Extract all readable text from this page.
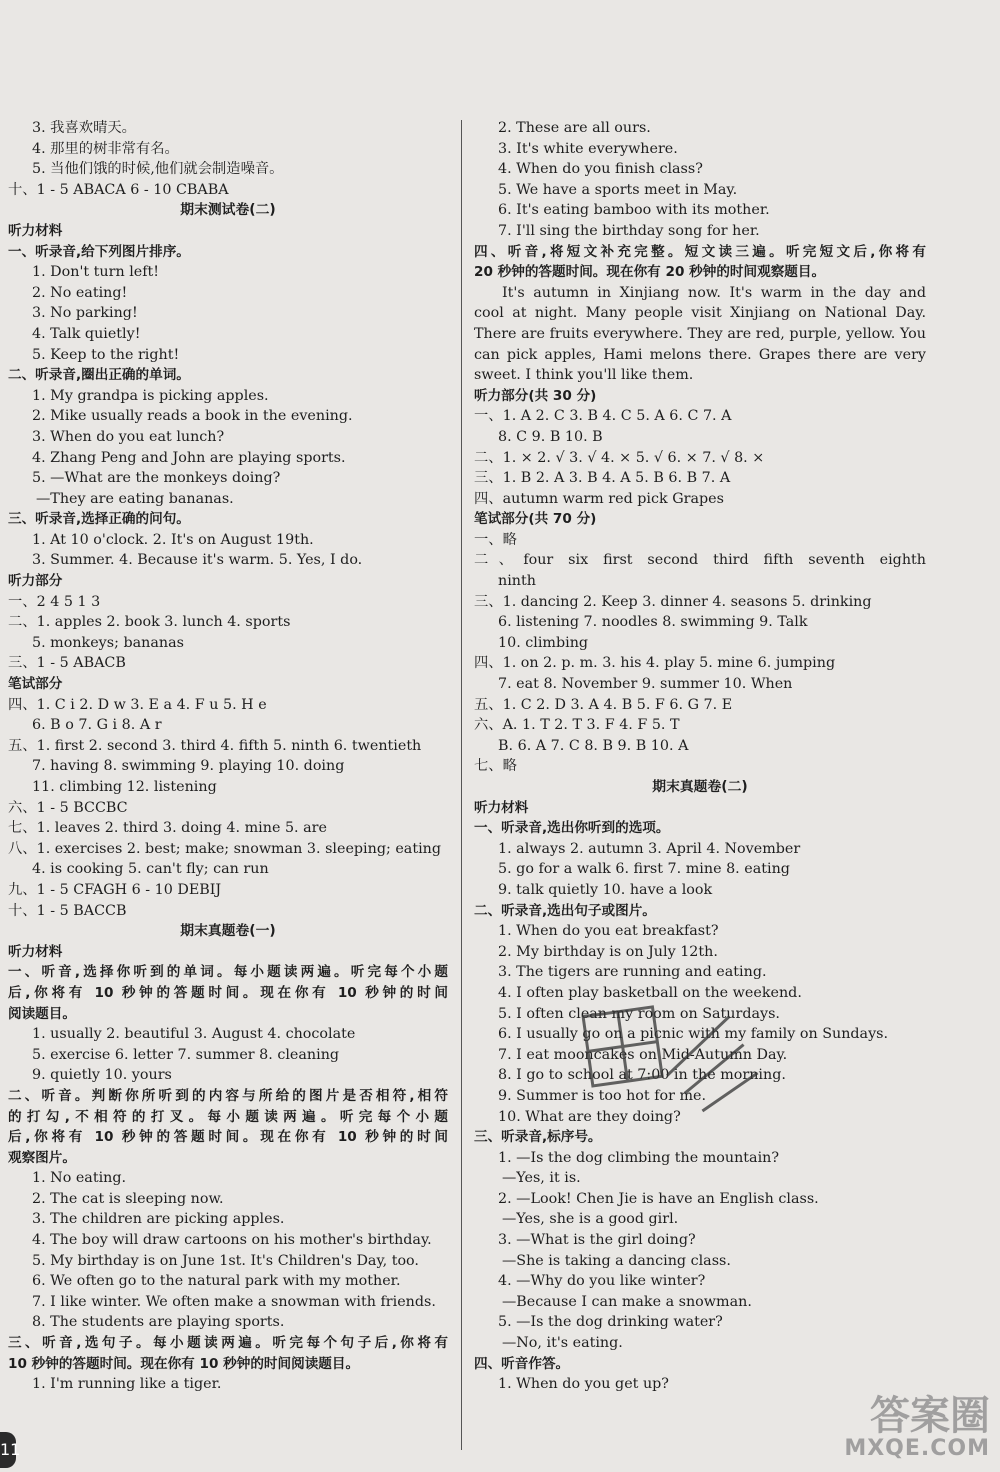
3. 我喜欢晴天。
4. 那里的树非常有名。
5. 当他们饿的时候,他们就会制造噪音。
十、1 - 5 ABACA 6 - 10 CBABA
期末测试卷(二)
听力材料
一、听录音,给下列图片排序。
1. Don't turn left!
2. No eating!
3. No parking!
4. Talk quietly!
5. Keep to the right!
二、听录音,圈出正确的单词。
1. My grandpa is picking apples.
2. Mike usually reads a book in the evening.
3. When do you eat lunch?
4. Zhang Peng and John are playing sports.
5. —What are the monkeys doing?
—They are eating bananas.
三、听录音,选择正确的问句。
1. At 10 o'clock. 2. It's on August 19th.
3. Summer. 4. Because it's warm. 5. Yes, I do.
听力部分
一、2 4 5 1 3
二、1. apples 2. book 3. lunch 4. sports
5. monkeys; bananas
三、1 - 5 ABACB
笔试部分
四、1. C i 2. D w 3. E a 4. F u 5. H e
6. B o 7. G i 8. A r
五、1. first 2. second 3. third 4. fifth 5. ninth 6. twentieth
7. having 8. swimming 9. playing 10. doing
11. climbing 12. listening
六、1 - 5 BCCBC
七、1. leaves 2. third 3. doing 4. mine 5. are
八、1. exercises 2. best; make; snowman 3. sleeping; eating
4. is cooking 5. can't fly; can run
九、1 - 5 CFAGH 6 - 10 DEBIJ
十、1 - 5 BACCB
期末真题卷(一)
听力材料
一、听音,选择你听到的单词。每小题读两遍。听完每个小题
后,你将有 10 秒钟的答题时间。现在你有 10 秒钟的时间
阅读题目。
1. usually 2. beautiful 3. August 4. chocolate
5. exercise 6. letter 7. summer 8. cleaning
9. quietly 10. yours
二、听音。判断你所听到的内容与所给的图片是否相符,相符
的打勾,不相符的打叉。每小题读两遍。听完每个小题
后,你将有 10 秒钟的答题时间。现在你有 10 秒钟的时间
观察图片。
1. No eating.
2. The cat is sleeping now.
3. The children are picking apples.
4. The boy will draw cartoons on his mother's birthday.
5. My birthday is on June 1st. It's Children's Day, too.
6. We often go to the natural park with my mother.
7. I like winter. We often make a snowman with friends.
8. The students are playing sports.
三、听音,选句子。每小题读两遍。听完每个句子后,你将有
10 秒钟的答题时间。现在你有 10 秒钟的时间阅读题目。
1. I'm running like a tiger.
2. These are all ours.
3. It's white everywhere.
4. When do you finish class?
5. We have a sports meet in May.
6. It's eating bamboo with its mother.
7. I'll sing the birthday song for her.
四、听音,将短文补充完整。短文读三遍。听完短文后,你将有
20 秒钟的答题时间。现在你有 20 秒钟的时间观察题目。
It's autumn in Xinjiang now. It's warm in the day and
cool at night. Many people visit Xinjiang on National Day.
There are fruits everywhere. They are red, purple, yellow. You
can pick apples, Hami melons there. Grapes there are very
sweet. I think you'll like them.
听力部分(共 30 分)
一、1. A 2. C 3. B 4. C 5. A 6. C 7. A
8. C 9. B 10. B
二、1. × 2. √ 3. √ 4. × 5. √ 6. × 7. √ 8. ×
三、1. B 2. A 3. B 4. A 5. B 6. B 7. A
四、autumn warm red pick Grapes
笔试部分(共 70 分)
一、略
二、four six first second third fifth seventh eighth
ninth
三、1. dancing 2. Keep 3. dinner 4. seasons 5. drinking
6. listening 7. noodles 8. swimming 9. Talk
10. climbing
四、1. on 2. p. m. 3. his 4. play 5. mine 6. jumping
7. eat 8. November 9. summer 10. When
五、1. C 2. D 3. A 4. B 5. F 6. G 7. E
六、A. 1. T 2. T 3. F 4. F 5. T
B. 6. A 7. C 8. B 9. B 10. A
七、略
期末真题卷(二)
听力材料
一、听录音,选出你听到的选项。
1. always 2. autumn 3. April 4. November
5. go for a walk 6. first 7. mine 8. eating
9. talk quietly 10. have a look
二、听录音,选出句子或图片。
1. When do you eat breakfast?
2. My birthday is on July 12th.
3. The tigers are running and eating.
4. I often play basketball on the weekend.
5. I often clean my room on Saturdays.
6. I usually go on a picnic with my family on Sundays.
7. I eat mooncakes on Mid-Autumn Day.
8. I go to school at 7:00 in the morning.
9. Summer is too hot for me.
10. What are they doing?
三、听录音,标序号。
1. —Is the dog climbing the mountain?
—Yes, it is.
2. —Look! Chen Jie is have an English class.
—Yes, she is a good girl.
3. —What is the girl doing?
—She is taking a dancing class.
4. —Why do you like winter?
—Because I can make a snowman.
5. —Is the dog drinking water?
—No, it's eating.
四、听音作答。
1. When do you get up?
11
答案圈
MXQE.COM
